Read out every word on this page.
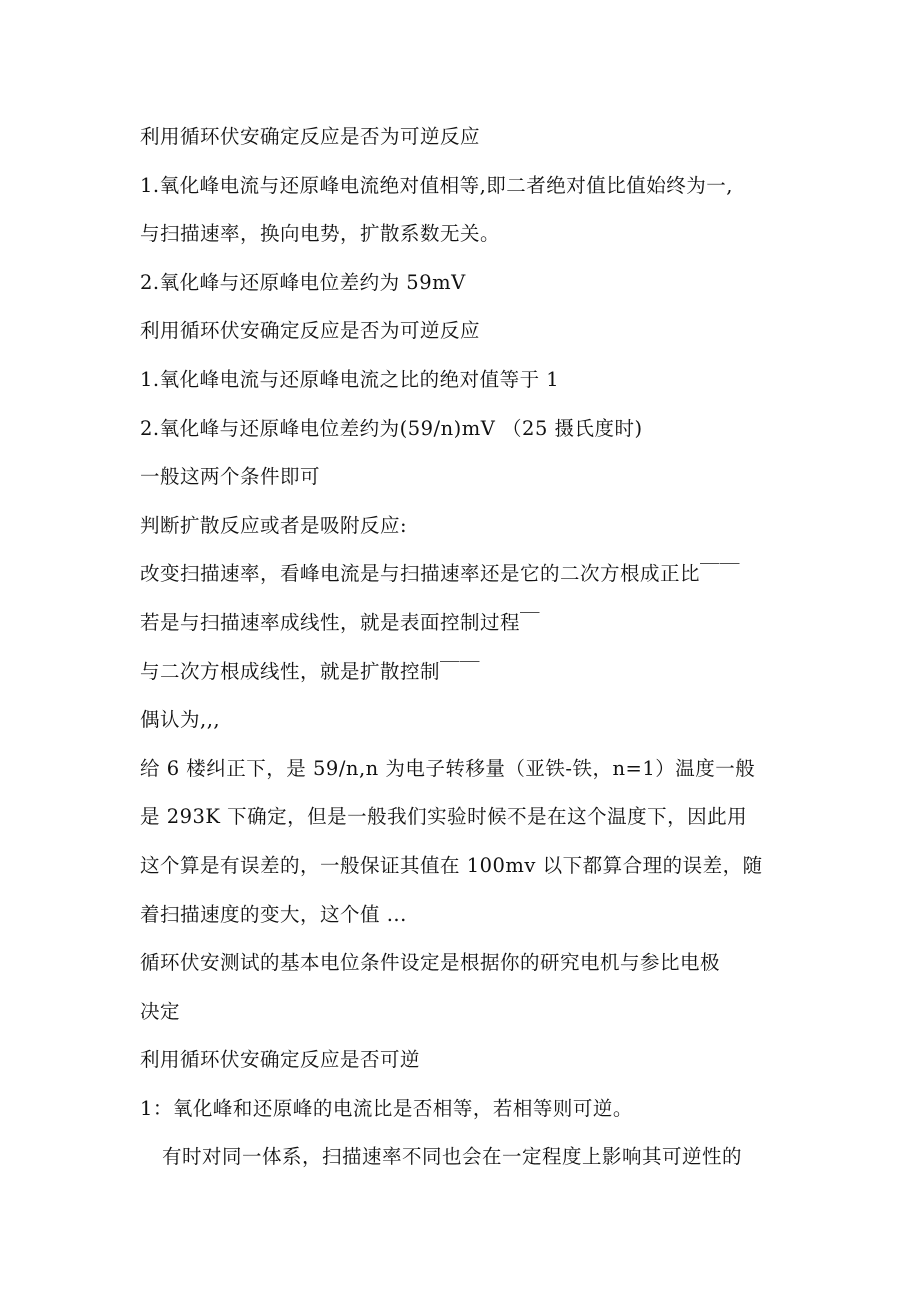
利用循环伏安确定反应是否为可逆反应
1.氧化峰电流与还原峰电流绝对值相等,即二者绝对值比值始终为一,
与扫描速率，换向电势，扩散系数无关。
2.氧化峰与还原峰电位差约为 59mV
利用循环伏安确定反应是否为可逆反应
1.氧化峰电流与还原峰电流之比的绝对值等于 1
2.氧化峰与还原峰电位差约为(59/n)mV （25 摄氏度时)
一般这两个条件即可
判断扩散反应或者是吸附反应:
改变扫描速率，看峰电流是与扫描速率还是它的二次方根成正比￣￣
若是与扫描速率成线性，就是表面控制过程￣
与二次方根成线性，就是扩散控制￣￣
偶认为,,,
给 6 楼纠正下，是 59/n,n 为电子转移量（亚铁-铁，n=1）温度一般
是 293K 下确定，但是一般我们实验时候不是在这个温度下，因此用
这个算是有误差的，一般保证其值在 100mv 以下都算合理的误差，随
着扫描速度的变大，这个值 ...
循环伏安测试的基本电位条件设定是根据你的研究电机与参比电极
决定
利用循环伏安确定反应是否可逆
1：氧化峰和还原峰的电流比是否相等，若相等则可逆。
有时对同一体系，扫描速率不同也会在一定程度上影响其可逆性的
